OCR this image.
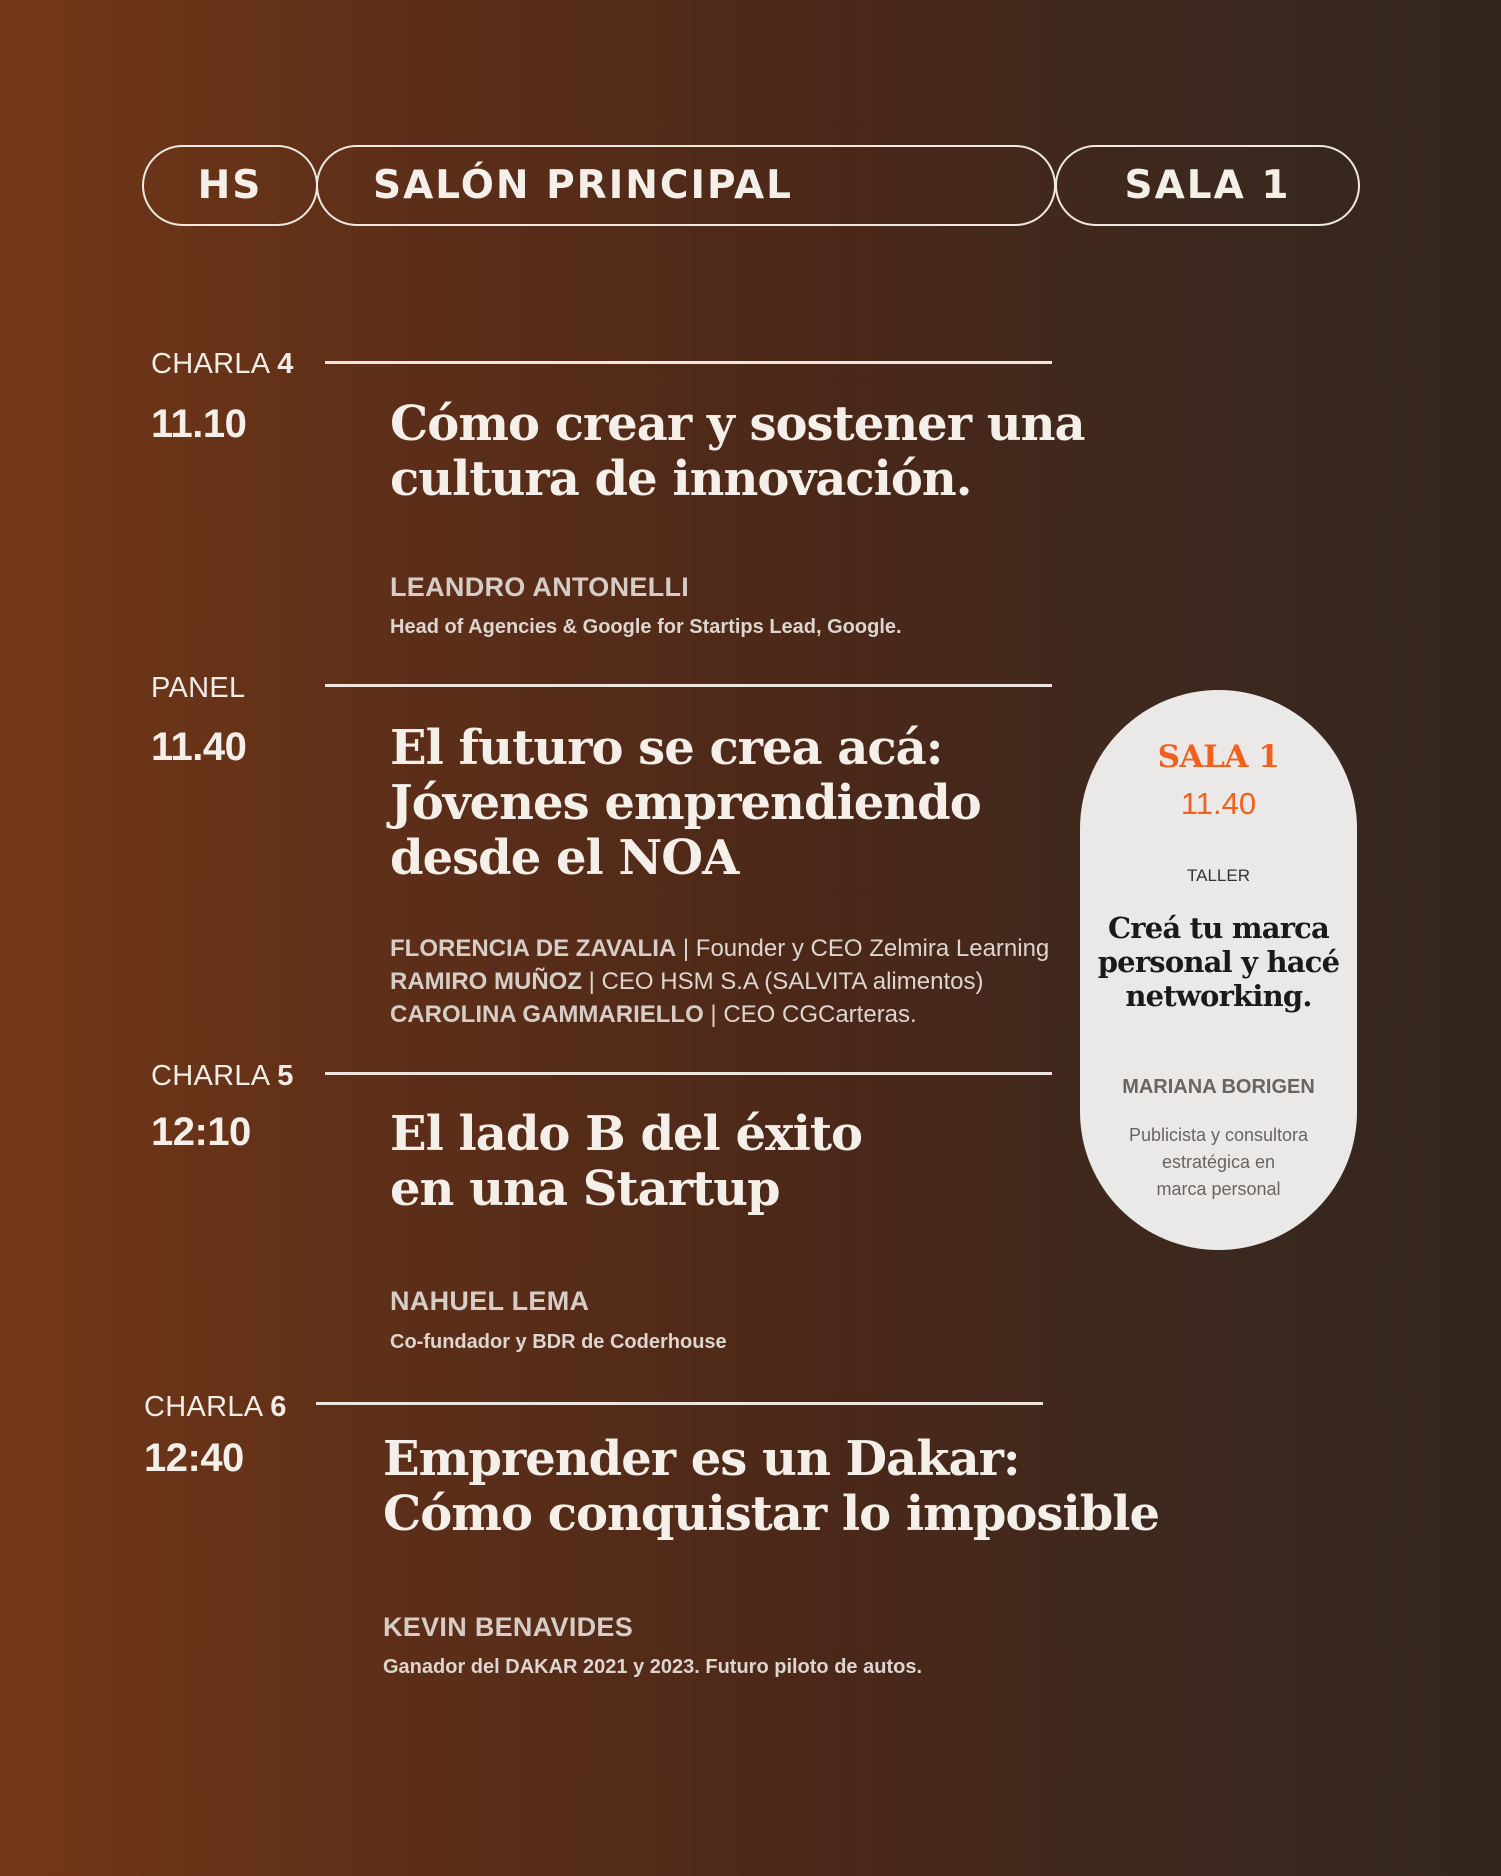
HS	SALÓN PRINCIPAL	SALA 1
CHARLA 4
11.10	Cómo crear y sostener una
cultura de innovación.
LEANDRO ANTONELLI
Head of Agencies & Google for Startips Lead, Google.
PANEL
11.40	El futuro se crea acá:
Jóvenes emprendiendo
desde el NOA
FLORENCIA DE ZAVALIA | Founder y CEO Zelmira Learning
RAMIRO MUÑOZ | CEO HSM S.A (SALVITA alimentos)
CAROLINA GAMMARIELLO | CEO CGCarteras.
CHARLA 5
12:10	El lado B del éxito
en una Startup
NAHUEL LEMA
Co-fundador y BDR de Coderhouse
CHARLA 6
12:40	Emprender es un Dakar:
Cómo conquistar lo imposible
KEVIN BENAVIDES
Ganador del DAKAR 2021 y 2023. Futuro piloto de autos.
SALA 1
11.40
TALLER
Creá tu marca
personal y hacé
networking.
MARIANA BORIGEN
Publicista y consultora
estratégica en
marca personal
